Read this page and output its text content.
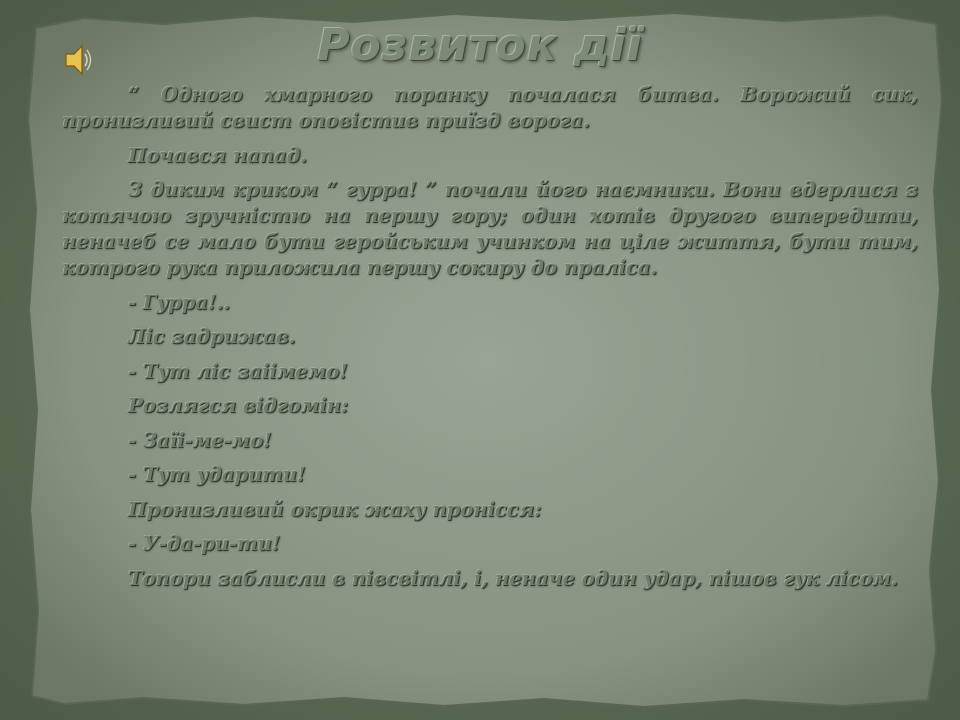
Розвиток дії

“ Одного хмарного поранку почалася битва. Ворожий сик, пронизливий свист оповістив приїзд ворога.

Почався напад.

З диким криком “ гурра! ” почали його наємники. Вони вдерлися з котячою зручністю на першу гору; один хотів другого випередити, неначеб се мало бути геройським учинком на ціле життя, бути тим, котрого рука приложила першу сокиру до праліса.

- Гурра!..

Ліс задрижав.

- Тут ліс заіімемо!

Розлягся відгомін:

- Заїі-ме-мо!

- Тут ударити!

Пронизливий окрик жаху пронісся:

- У-да-ри-ти!

Топори заблисли в півсвітлі, і, неначе один удар, пішов гук лісом.
